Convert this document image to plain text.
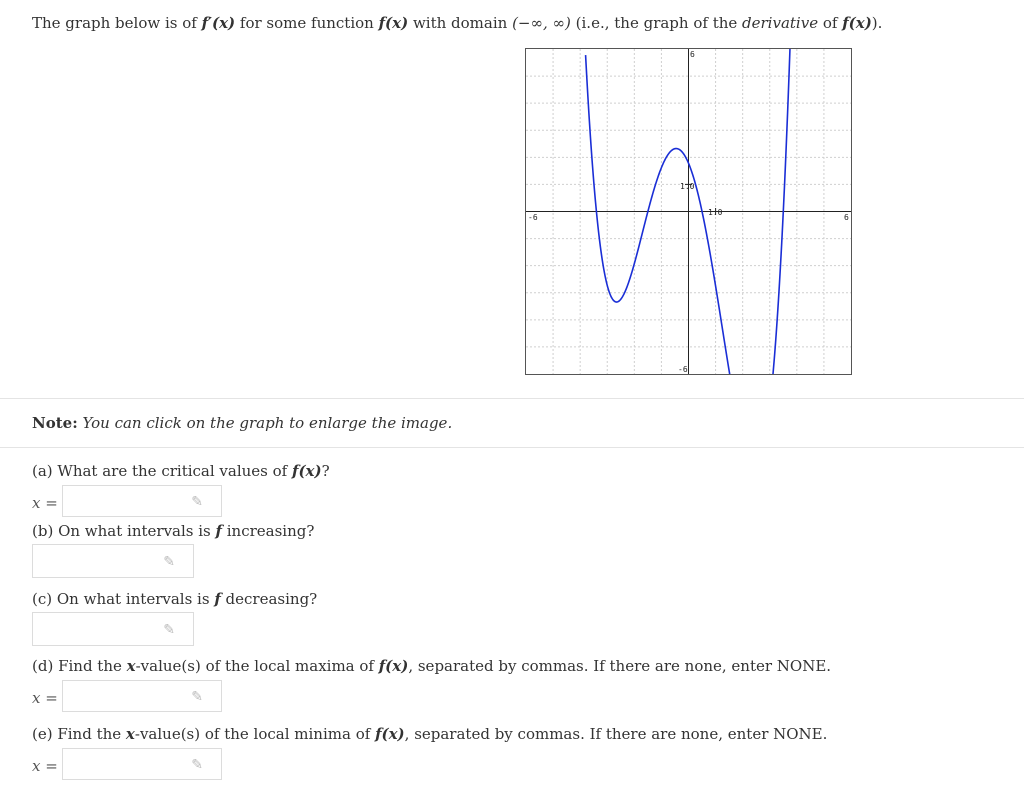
The graph below is of f′(x) for some function f(x) with domain (−∞, ∞) (i.e., the graph of the derivative of f(x)).
6
-6
-6	6
1.0
1.0
Note: You can click on the graph to enlarge the image.
(a) What are the critical values of f(x)?
x =	✎
(b) On what intervals is f increasing?
✎
(c) On what intervals is f decreasing?
✎
(d) Find the x-value(s) of the local maxima of f(x), separated by commas. If there are none, enter NONE.
x =	✎
(e) Find the x-value(s) of the local minima of f(x), separated by commas. If there are none, enter NONE.
x =	✎
